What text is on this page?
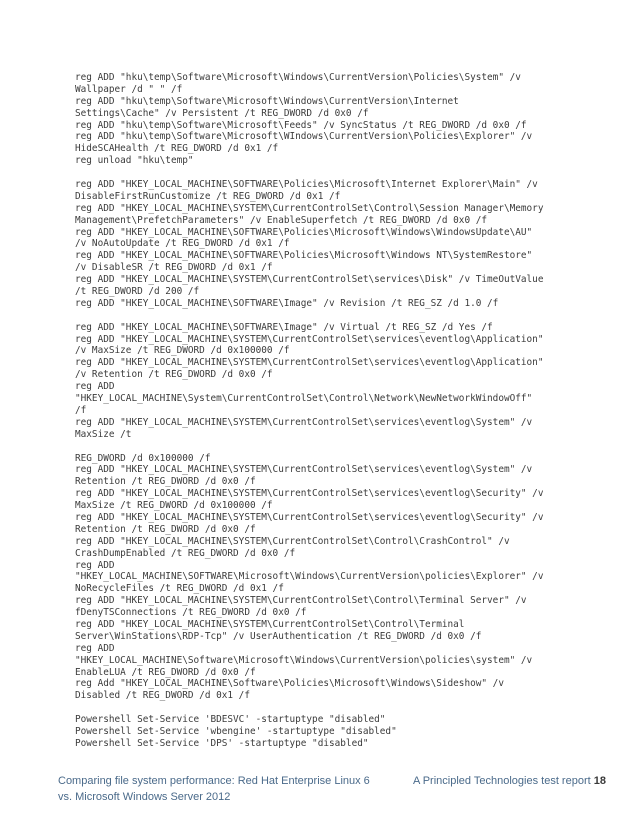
reg ADD "hku\temp\Software\Microsoft\Windows\CurrentVersion\Policies\System" /v
Wallpaper /d " " /f
reg ADD "hku\temp\Software\Microsoft\Windows\CurrentVersion\Internet
Settings\Cache" /v Persistent /t REG_DWORD /d 0x0 /f
reg ADD "hku\temp\Software\Microsoft\Feeds" /v SyncStatus /t REG_DWORD /d 0x0 /f
reg ADD "hku\temp\Software\Microsoft\WIndows\CurrentVersion\Policies\Explorer" /v
HideSCAHealth /t REG_DWORD /d 0x1 /f
reg unload "hku\temp"
reg ADD "HKEY_LOCAL_MACHINE\SOFTWARE\Policies\Microsoft\Internet Explorer\Main" /v
DisableFirstRunCustomize /t REG_DWORD /d 0x1 /f
reg ADD "HKEY_LOCAL_MACHINE\SYSTEM\CurrentControlSet\Control\Session Manager\Memory
Management\PrefetchParameters" /v EnableSuperfetch /t REG_DWORD /d 0x0 /f
reg ADD "HKEY_LOCAL_MACHINE\SOFTWARE\Policies\Microsoft\Windows\WindowsUpdate\AU"
/v NoAutoUpdate /t REG_DWORD /d 0x1 /f
reg ADD "HKEY_LOCAL_MACHINE\SOFTWARE\Policies\Microsoft\Windows NT\SystemRestore"
/v DisableSR /t REG_DWORD /d 0x1 /f
reg ADD "HKEY_LOCAL_MACHINE\SYSTEM\CurrentControlSet\services\Disk" /v TimeOutValue
/t REG_DWORD /d 200 /f
reg ADD "HKEY_LOCAL_MACHINE\SOFTWARE\Image" /v Revision /t REG_SZ /d 1.0 /f
reg ADD "HKEY_LOCAL_MACHINE\SOFTWARE\Image" /v Virtual /t REG_SZ /d Yes /f
reg ADD "HKEY_LOCAL_MACHINE\SYSTEM\CurrentControlSet\services\eventlog\Application"
/v MaxSize /t REG_DWORD /d 0x100000 /f
reg ADD "HKEY_LOCAL_MACHINE\SYSTEM\CurrentControlSet\services\eventlog\Application"
/v Retention /t REG_DWORD /d 0x0 /f
reg ADD
"HKEY_LOCAL_MACHINE\System\CurrentControlSet\Control\Network\NewNetworkWindowOff"
/f
reg ADD "HKEY_LOCAL_MACHINE\SYSTEM\CurrentControlSet\services\eventlog\System" /v
MaxSize /t
REG_DWORD /d 0x100000 /f
reg ADD "HKEY_LOCAL_MACHINE\SYSTEM\CurrentControlSet\services\eventlog\System" /v
Retention /t REG_DWORD /d 0x0 /f
reg ADD "HKEY_LOCAL_MACHINE\SYSTEM\CurrentControlSet\services\eventlog\Security" /v
MaxSize /t REG_DWORD /d 0x100000 /f
reg ADD "HKEY_LOCAL_MACHINE\SYSTEM\CurrentControlSet\services\eventlog\Security" /v
Retention /t REG_DWORD /d 0x0 /f
reg ADD "HKEY_LOCAL_MACHINE\SYSTEM\CurrentControlSet\Control\CrashControl" /v
CrashDumpEnabled /t REG_DWORD /d 0x0 /f
reg ADD
"HKEY_LOCAL_MACHINE\SOFTWARE\Microsoft\Windows\CurrentVersion\policies\Explorer" /v
NoRecycleFiles /t REG_DWORD /d 0x1 /f
reg ADD "HKEY_LOCAL_MACHINE\SYSTEM\CurrentControlSet\Control\Terminal Server" /v
fDenyTSConnections /t REG_DWORD /d 0x0 /f
reg ADD "HKEY_LOCAL_MACHINE\SYSTEM\CurrentControlSet\Control\Terminal
Server\WinStations\RDP-Tcp" /v UserAuthentication /t REG_DWORD /d 0x0 /f
reg ADD
"HKEY_LOCAL_MACHINE\Software\Microsoft\Windows\CurrentVersion\policies\system" /v
EnableLUA /t REG_DWORD /d 0x0 /f
reg Add "HKEY_LOCAL_MACHINE\Software\Policies\Microsoft\Windows\Sideshow" /v
Disabled /t REG_DWORD /d 0x1 /f
Powershell Set-Service 'BDESVC' -startuptype "disabled"
Powershell Set-Service 'wbengine' -startuptype "disabled"
Powershell Set-Service 'DPS' -startuptype "disabled"
Comparing file system performance: Red Hat Enterprise Linux 6
vs. Microsoft Windows Server 2012
A Principled Technologies test report 18
